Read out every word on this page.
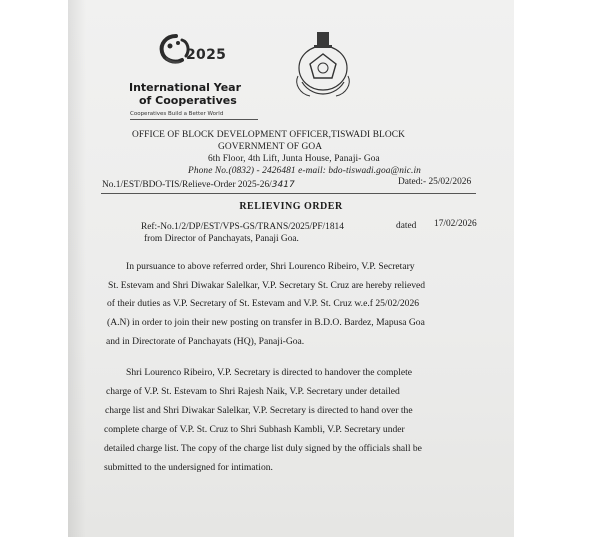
2025
International Year
of Cooperatives
Cooperatives Build a Better World
OFFICE OF BLOCK DEVELOPMENT OFFICER,TISWADI BLOCK
GOVERNMENT OF GOA
6th Floor, 4th Lift, Junta House, Panaji- Goa
Phone No.(0832) - 2426481 e-mail: bdo-tiswadi.goa@nic.in
No.1/EST/BDO-TIS/Relieve-Order 2025-26/3417	Dated:- 25/02/2026
RELIEVING ORDER
Ref:-No.1/2/DP/EST/VPS-GS/TRANS/2025/PF/1814	dated 17/02/2026
from Director of Panchayats, Panaji Goa.
In pursuance to above referred order, Shri Lourenco Ribeiro, V.P. Secretary
St. Estevam and Shri Diwakar Salelkar, V.P. Secretary St. Cruz are hereby relieved
of their duties as V.P. Secretary of St. Estevam and V.P. St. Cruz w.e.f 25/02/2026
(A.N) in order to join their new posting on transfer in B.D.O. Bardez, Mapusa Goa
and in Directorate of Panchayats (HQ), Panaji-Goa.
Shri Lourenco Ribeiro, V.P. Secretary is directed to handover the complete
charge of V.P. St. Estevam to Shri Rajesh Naik, V.P. Secretary under detailed
charge list and Shri Diwakar Salelkar, V.P. Secretary is directed to hand over the
complete charge of V.P. St. Cruz to Shri Subhash Kambli, V.P. Secretary under
detailed charge list. The copy of the charge list duly signed by the officials shall be
submitted to the undersigned for intimation.
